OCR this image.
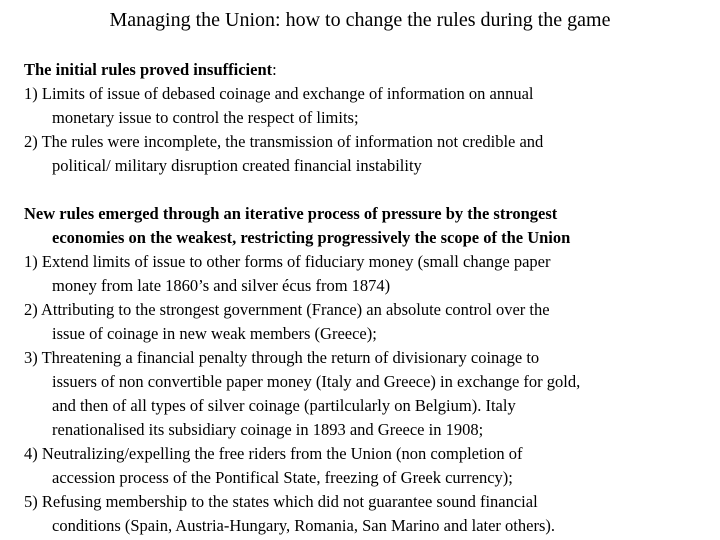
Managing the Union: how to change the rules during the game
The initial rules proved insufficient:
1) Limits of issue of debased coinage and exchange of information on annual
monetary issue to control the respect of limits;
2) The rules were incomplete, the transmission of information not credible and
political/ military disruption created financial instability
New rules emerged through an iterative process of pressure by the strongest
economies on the weakest, restricting progressively the scope of the Union
1) Extend limits of issue to other forms of fiduciary money (small change paper
money from late 1860’s and silver écus from 1874)
2) Attributing to the strongest government (France) an absolute control over the
issue of coinage in new weak members (Greece);
3) Threatening a financial penalty through the return of divisionary coinage to
issuers of non convertible paper money (Italy and Greece) in exchange for gold,
and then of all types of silver coinage (partilcularly on Belgium). Italy
renationalised its subsidiary coinage in 1893 and Greece in 1908;
4) Neutralizing/expelling the free riders from the Union (non completion of
accession process of the Pontifical State, freezing of Greek currency);
5) Refusing membership to the states which did not guarantee sound financial
conditions (Spain, Austria-Hungary, Romania, San Marino and later others).
